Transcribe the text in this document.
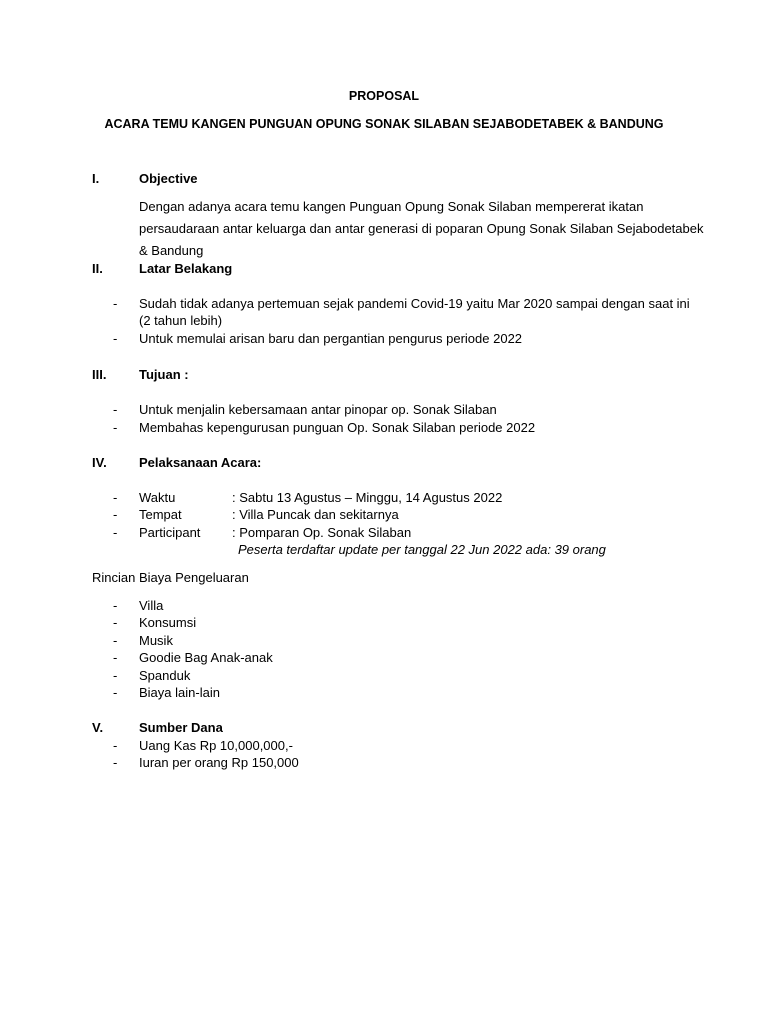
PROPOSAL
ACARA TEMU KANGEN PUNGUAN OPUNG SONAK SILABAN SEJABODETABEK & BANDUNG
I.	Objective
Dengan adanya acara temu kangen Punguan Opung Sonak Silaban mempererat ikatan persaudaraan antar keluarga dan antar generasi di poparan Opung Sonak Silaban Sejabodetabek & Bandung
II.	Latar Belakang
-	Sudah tidak adanya pertemuan sejak pandemi Covid-19 yaitu Mar 2020 sampai dengan saat ini
(2 tahun lebih)
-	Untuk memulai arisan baru dan pergantian pengurus periode 2022
III.	Tujuan :
-	Untuk menjalin kebersamaan antar pinopar op. Sonak Silaban
-	Membahas kepengurusan punguan Op. Sonak Silaban periode 2022
IV. Pelaksanaan Acara:
-	Waktu	: Sabtu 13 Agustus – Minggu, 14 Agustus 2022
-	Tempat	: Villa Puncak dan sekitarnya
-	Participant : Pomparan Op. Sonak Silaban
Peserta terdaftar update per tanggal 22 Jun 2022 ada: 39 orang
Rincian Biaya Pengeluaran
-	Villa
-	Konsumsi
-	Musik
-	Goodie Bag Anak-anak
-	Spanduk
-	Biaya lain-lain
V.	Sumber Dana
-	Uang Kas Rp 10,000,000,-
-	Iuran per orang Rp 150,000
